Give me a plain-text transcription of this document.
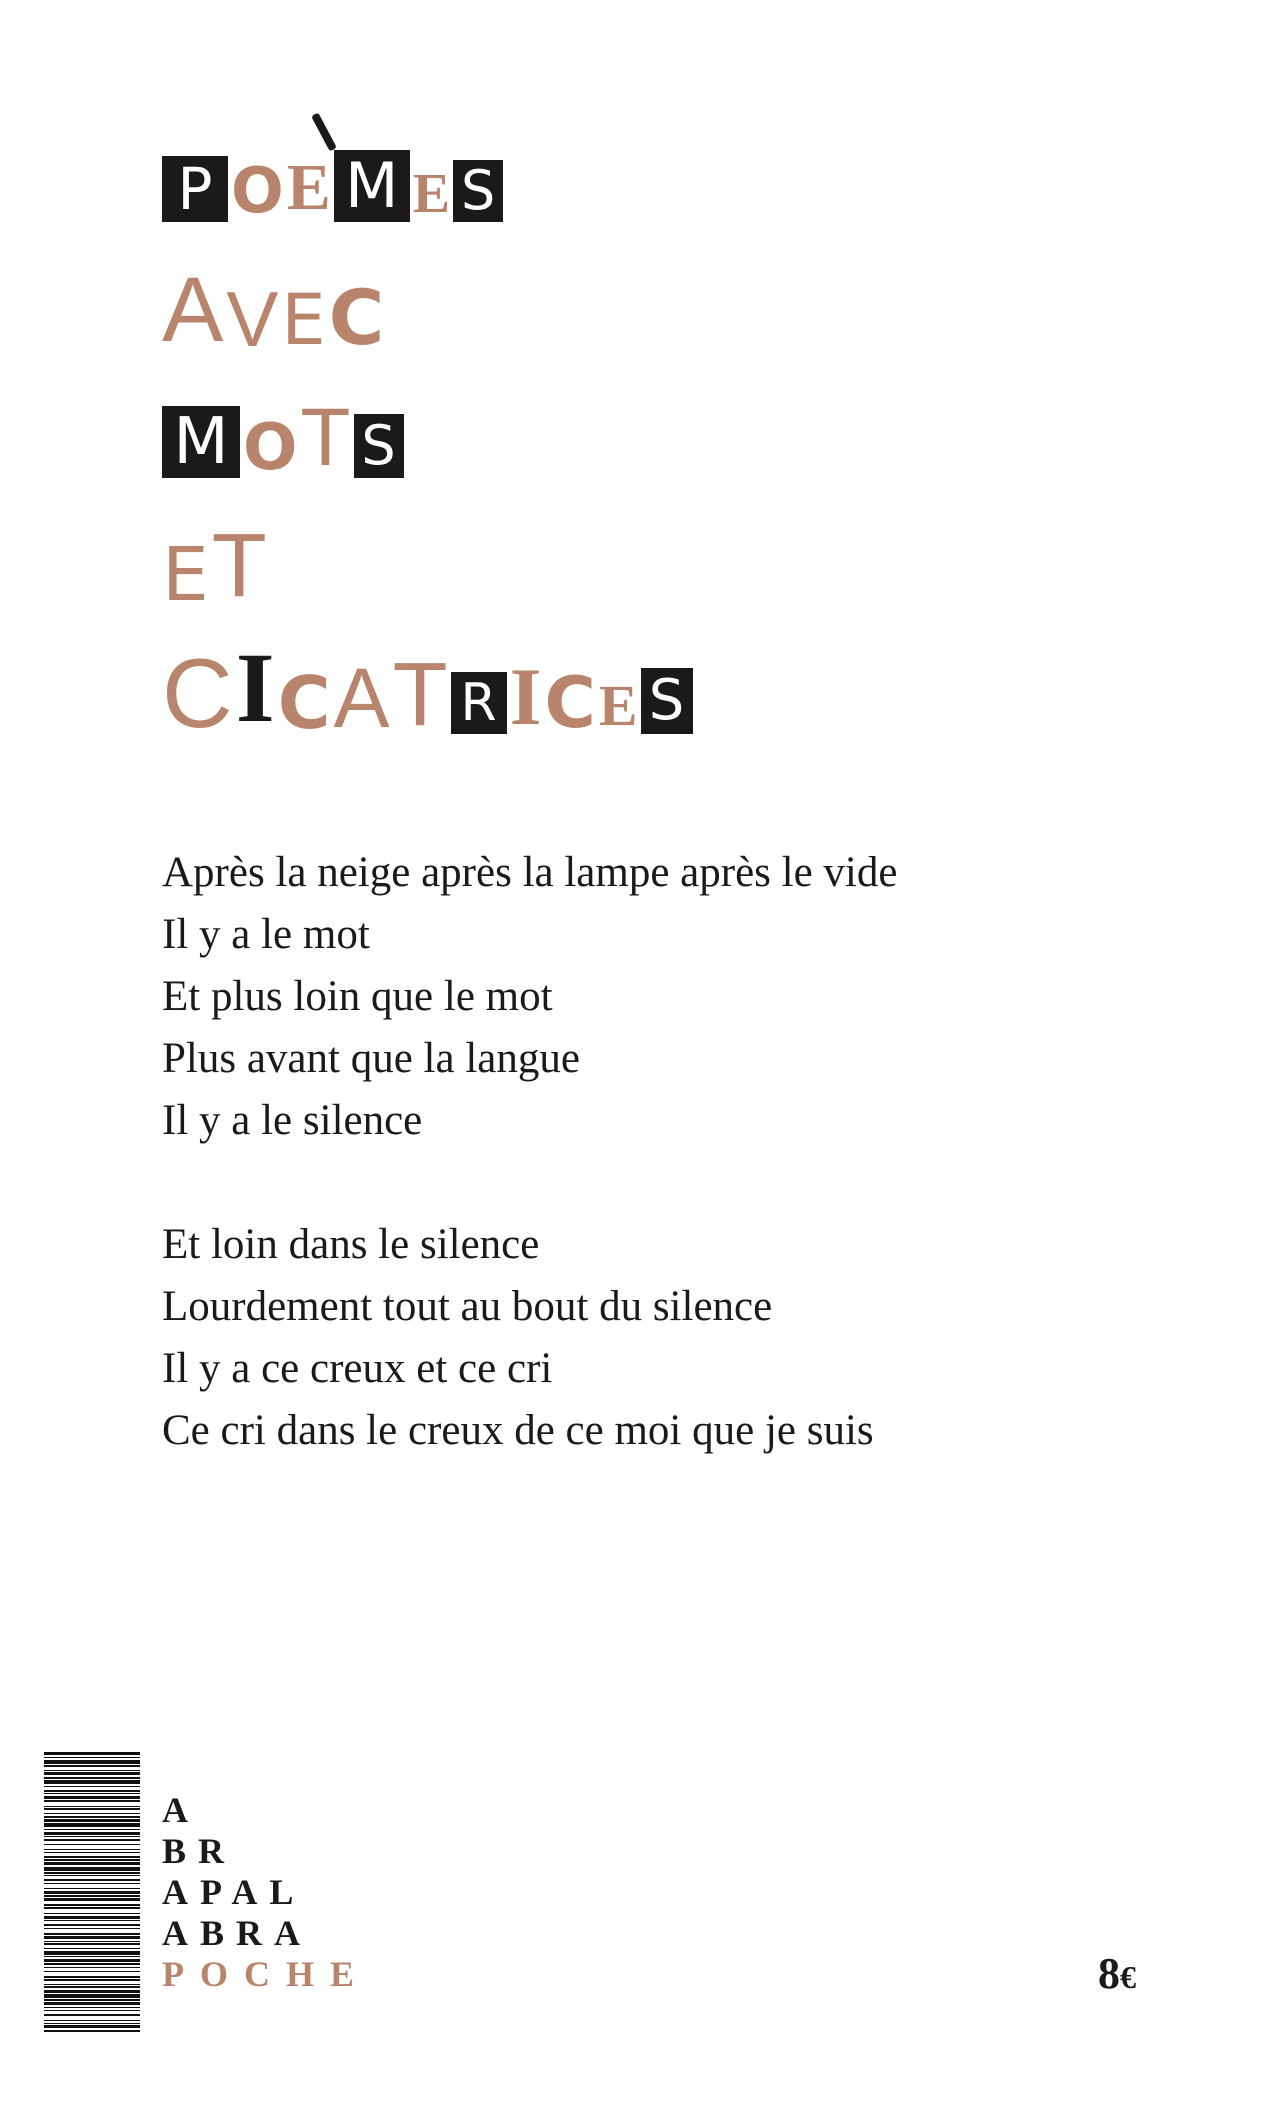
P O E M E S
A V E C
M O T S
E T
C I C A T R I C E S
Après la neige après la lampe après le vide
Il y a le mot
Et plus loin que le mot
Plus avant que la langue
Il y a le silence
Et loin dans le silence
Lourdement tout au bout du silence
Il y a ce creux et ce cri
Ce cri dans le creux de ce moi que je suis
A
BR
APAL
ABRA
POCHE	8€
